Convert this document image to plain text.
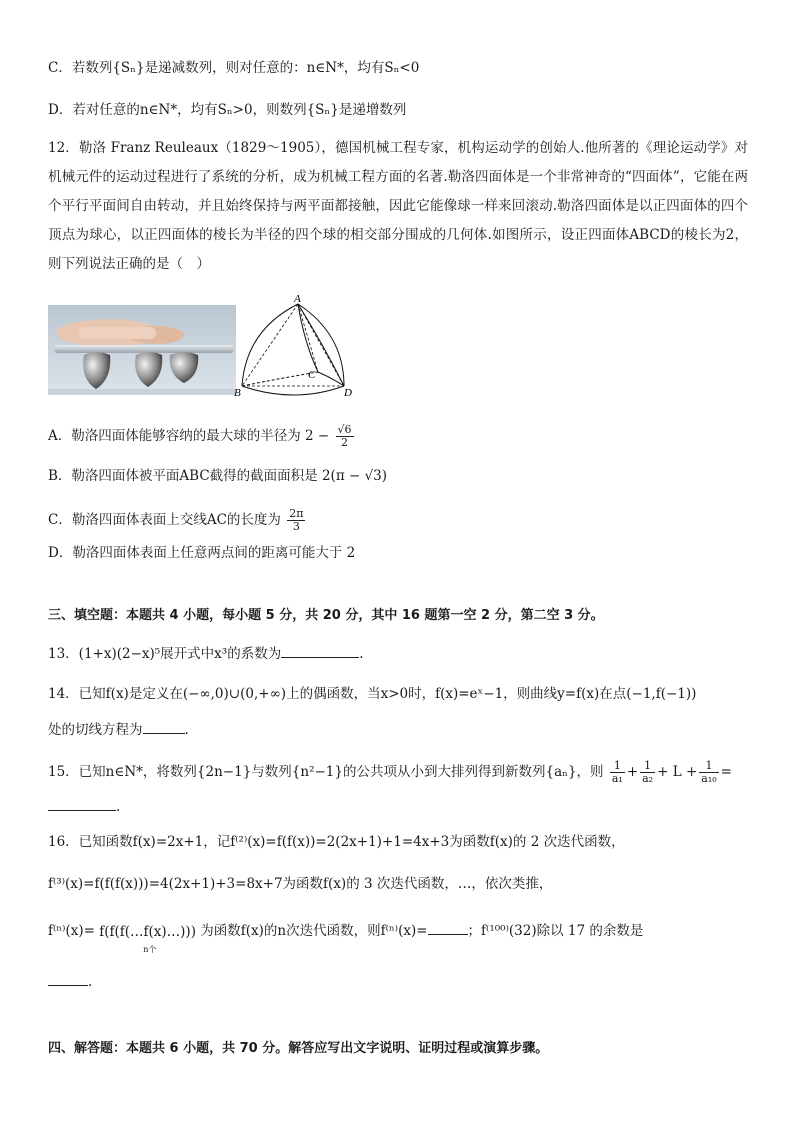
C．若数列{Sₙ}是递减数列，则对任意的：n∈N*，均有Sₙ<0
D．若对任意的n∈N*，均有Sₙ>0，则数列{Sₙ}是递增数列
12．勒洛 Franz Reuleaux（1829～1905），德国机械工程专家，机构运动学的创始人.他所著的《理论运动学》对机械元件的运动过程进行了系统的分析，成为机械工程方面的名著.勒洛四面体是一个非常神奇的“四面体”，它能在两个平行平面间自由转动，并且始终保持与两平面都接触，因此它能像球一样来回滚动.勒洛四面体是以正四面体的四个顶点为球心，以正四面体的棱长为半径的四个球的相交部分围成的几何体.如图所示，设正四面体ABCD的棱长为2，则下列说法正确的是（　）
A
B
C
D
A．勒洛四面体能够容纳的最大球的半径为 $2 - \frac{√6}{2}$
B．勒洛四面体被平面ABC截得的截面面积是 2(π − √3)
C．勒洛四面体表面上交线AC的长度为 $\frac{2\pi}{3}$
D．勒洛四面体表面上任意两点间的距离可能大于 2
三、填空题：本题共 4 小题，每小题 5 分，共 20 分，其中 16 题第一空 2 分，第二空 3 分。
13．(1+x)(2−x)⁵展开式中x³的系数为	.
14．已知f(x)是定义在(−∞,0)∪(0,+∞)上的偶函数，当x>0时，f(x)=eˣ−1，则曲线y=f(x)在点(−1,f(−1))
处的切线方程为	.
15．已知n∈N*，将数列{2n−1}与数列{n²−1}的公共项从小到大排列得到新数列{aₙ}，则 $\frac{1}{\text{a₁}} + \frac{1}{\text{a₂}} + L + \frac{1}{\text{a₁₀}}$ =
.
16．已知函数f(x)=2x+1，记f⁽²⁾(x)=f(f(x))=2(2x+1)+1=4x+3为函数f(x)的 2 次迭代函数，
f⁽³⁾(x)=f(f(f(x)))=4(2x+1)+3=8x+7为函数f(x)的 3 次迭代函数，…，依次类推，
f⁽ⁿ⁾(x)= f(f(f(…f(x)…)))
n个
为函数f(x)的n次迭代函数，则f⁽ⁿ⁾(x)=	；f⁽¹⁰⁰⁾(32)除以 17 的余数是
.
四、解答题：本题共 6 小题，共 70 分。解答应写出文字说明、证明过程或演算步骤。
